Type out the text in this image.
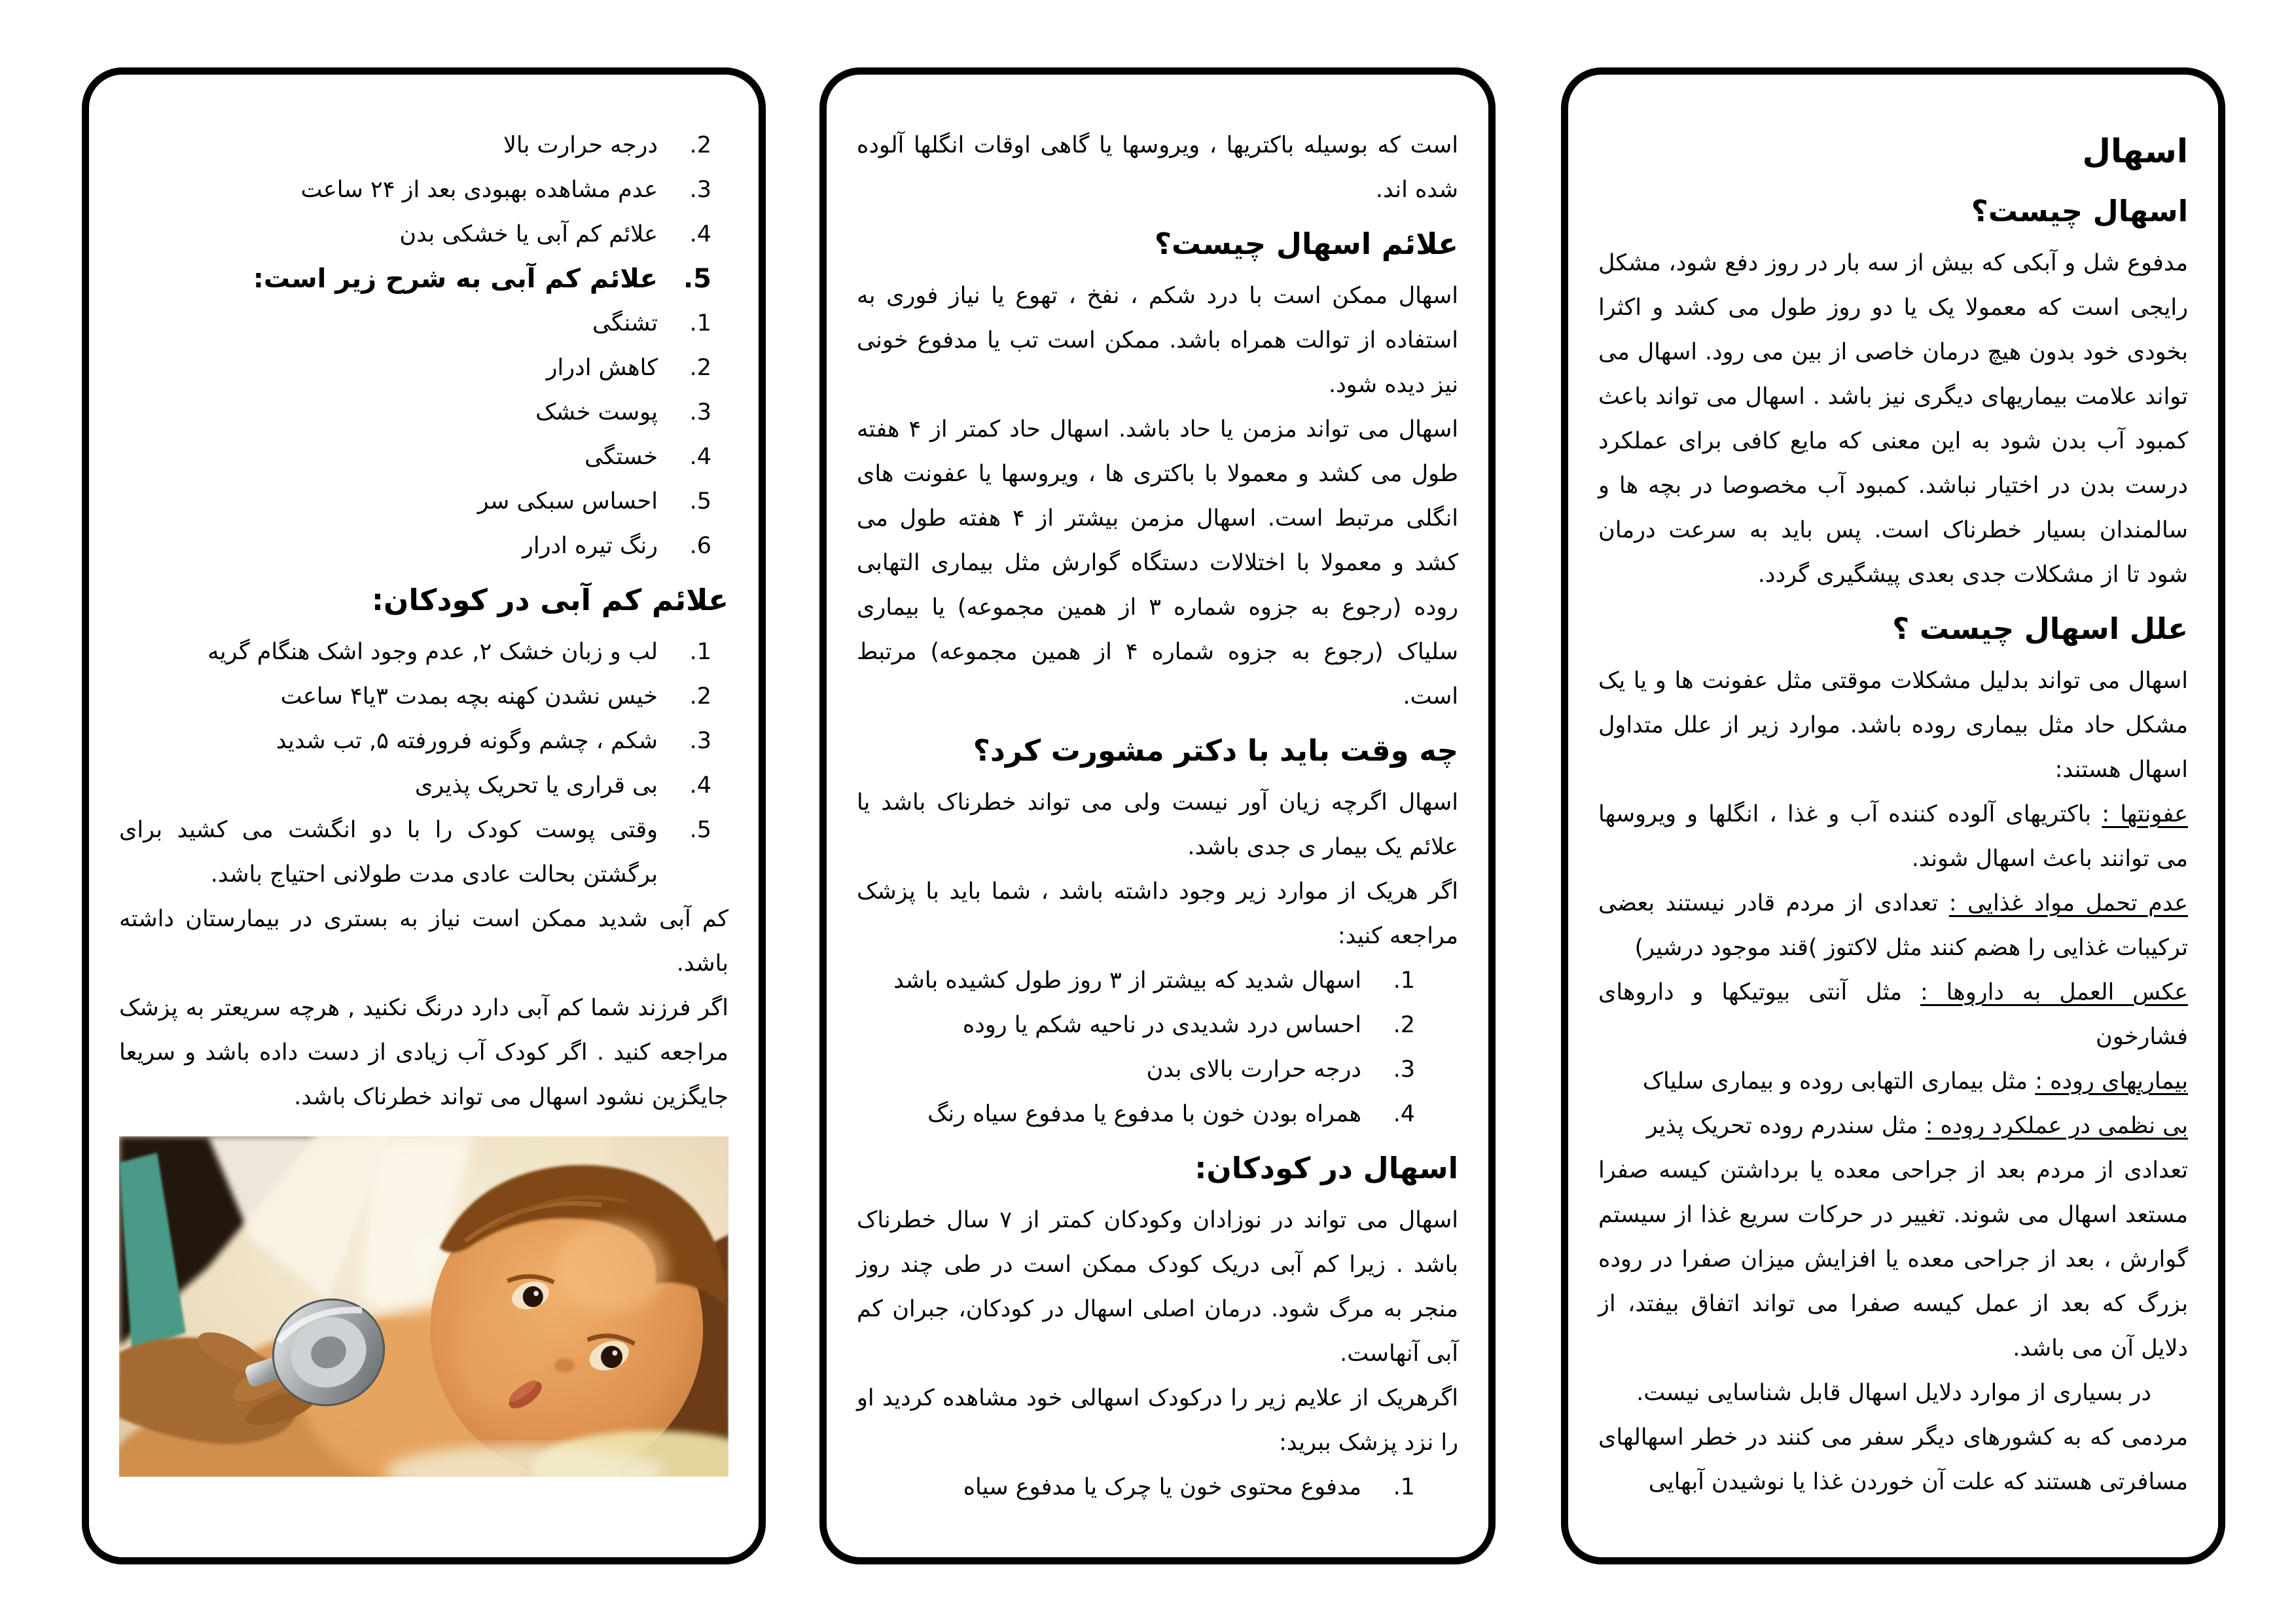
2.
درجه حرارت بالا
3.
عدم مشاهده بهبودی بعد از ۲۴ ساعت
4.
علائم کم آبی یا خشکی بدن
5.
علائم کم آبی به شرح زیر است:
1.
تشنگی
2.
کاهش ادرار
3.
پوست خشک
4.
خستگی
5.
احساس سبکی سر
6.
رنگ تیره ادرار
علائم کم آبی در کودکان:
1.
لب و زبان خشک ۲, عدم وجود اشک هنگام گریه
2.
خیس نشدن کهنه بچه بمدت ۳یا۴ ساعت
3.
شکم ، چشم وگونه فرورفته ۵, تب شدید
4.
بی قراری یا تحریک پذیری
5.
وقتی پوست کودک را با دو انگشت می کشید برای برگشتن بحالت عادی مدت طولانی احتیاج باشد.

کم آبی شدید ممکن است نیاز به بستری در بیمارستان داشته باشد.

اگر فرزند شما کم آبی دارد درنگ نکنید , هرچه سریعتر به پزشک مراجعه کنید . اگر کودک آب زیادی از دست داده باشد و سریعا جایگزین نشود اسهال می تواند خطرناک باشد.

است که بوسیله باکتریها ، ویروسها یا گاهی اوقات انگلها آلوده شده اند.

علائم اسهال چیست؟

اسهال ممکن است با درد شکم ، نفخ ، تهوع یا نیاز فوری به استفاده از توالت همراه باشد. ممکن است تب یا مدفوع خونی نیز دیده شود.

اسهال می تواند مزمن یا حاد باشد. اسهال حاد کمتر از ۴ هفته طول می کشد و معمولا با باکتری ها ، ویروسها یا عفونت های انگلی مرتبط است. اسهال مزمن بیشتر از ۴ هفته طول می کشد و معمولا با اختلالات دستگاه گوارش مثل بیماری التهابی روده (رجوع به جزوه شماره ۳ از همین مجموعه) یا بیماری سلیاک (رجوع به جزوه شماره ۴ از همین مجموعه) مرتبط است.

چه وقت باید با دکتر مشورت کرد؟

اسهال اگرچه زیان آور نیست ولی می تواند خطرناک باشد یا علائم یک بیمار ی جدی باشد.

اگر هریک از موارد زیر وجود داشته باشد ، شما باید با پزشک مراجعه کنید:

1.
اسهال شدید که بیشتر از ۳ روز طول کشیده باشد
2.
احساس درد شدیدی در ناحیه شکم یا روده
3.
درجه حرارت بالای بدن
4.
همراه بودن خون با مدفوع یا مدفوع سیاه رنگ
اسهال در کودکان:

اسهال می تواند در نوزادان وکودکان کمتر از ۷ سال خطرناک باشد . زیرا کم آبی دریک کودک ممکن است در طی چند روز منجر به مرگ شود. درمان اصلی اسهال در کودکان، جبران کم آبی آنهاست.

اگرهریک از علایم زیر را درکودک اسهالی خود مشاهده کردید او را نزد پزشک ببرید:

1.
مدفوع محتوی خون یا چرک یا مدفوع سیاه
اسهال
اسهال چیست؟

مدفوع شل و آبکی که بیش از سه بار در روز دفع شود، مشکل رایجی است که معمولا یک یا دو روز طول می کشد و اکثرا بخودی خود بدون هیچ درمان خاصی از بین می رود. اسهال می تواند علامت بیماریهای دیگری نیز باشد . اسهال می تواند باعث کمبود آب بدن شود به این معنی که مایع کافی برای عملکرد درست بدن در اختیار نباشد. کمبود آب مخصوصا در بچه ها و سالمندان بسیار خطرناک است. پس باید به سرعت درمان شود تا از مشکلات جدی بعدی پیشگیری گردد.

علل اسهال چیست ؟

اسهال می تواند بدلیل مشکلات موقتی مثل عفونت ها و یا یک مشکل حاد مثل بیماری روده باشد. موارد زیر از علل متداول اسهال هستند:

عفونتها : باکتریهای آلوده کننده آب و غذا ، انگلها و ویروسها می توانند باعث اسهال شوند.

عدم تحمل مواد غذایی : تعدادی از مردم قادر نیستند بعضی ترکیبات غذایی را هضم کنند مثل لاکتوز )قند موجود درشیر)

عکس العمل به داروها : مثل آنتی بیوتیکها و داروهای فشارخون

بیماریهای روده : مثل بیماری التهابی روده و بیماری سلیاک

بی نظمی در عملکرد روده : مثل سندرم روده تحریک پذیر

تعدادی از مردم بعد از جراحی معده یا برداشتن کیسه صفرا مستعد اسهال می شوند. تغییر در حرکات سریع غذا از سیستم گوارش ، بعد از جراحی معده یا افزایش میزان صفرا در روده بزرگ که بعد از عمل کیسه صفرا می تواند اتفاق بیفتد، از دلایل آن می باشد.

در بسیاری از موارد دلایل اسهال قابل شناسایی نیست.

مردمی که به کشورهای دیگر سفر می کنند در خطر اسهالهای مسافرتی هستند که علت آن خوردن غذا یا نوشیدن آبهایی
